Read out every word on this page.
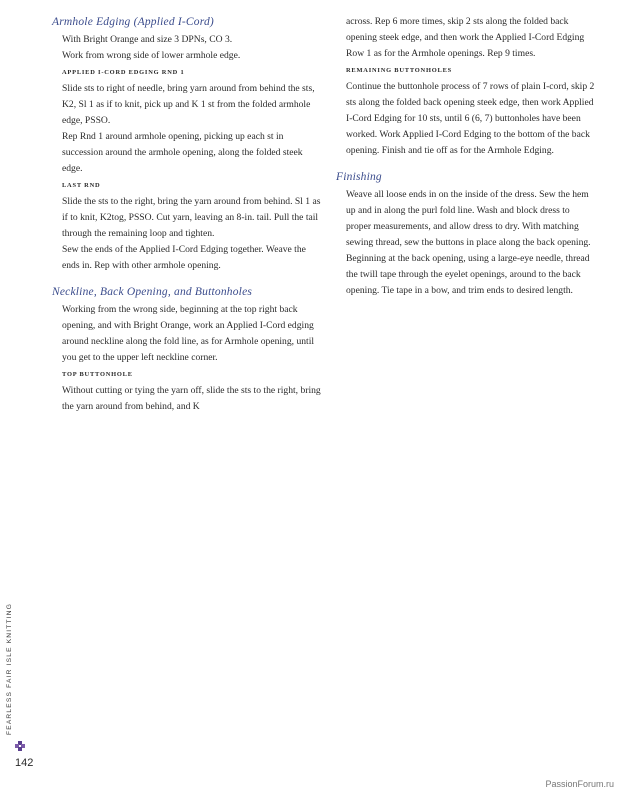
Armhole Edging (Applied I-Cord)

With Bright Orange and size 3 DPNs, CO 3.

Work from wrong side of lower armhole edge.

APPLIED I-CORD EDGING RND 1

Slide sts to right of needle, bring yarn around from behind the sts, K2, Sl 1 as if to knit, pick up and K 1 st from the folded armhole edge, PSSO.

Rep Rnd 1 around armhole opening, picking up each st in succession around the armhole opening, along the folded steek edge.

LAST RND

Slide the sts to the right, bring the yarn around from behind. Sl 1 as if to knit, K2tog, PSSO. Cut yarn, leaving an 8-in. tail. Pull the tail through the remaining loop and tighten.

Sew the ends of the Applied I-Cord Edging together. Weave the ends in. Rep with other armhole opening.

Neckline, Back Opening, and Buttonholes

Working from the wrong side, beginning at the top right back opening, and with Bright Orange, work an Applied I-Cord edging around neckline along the fold line, as for Armhole opening, until you get to the upper left neckline corner.

TOP BUTTONHOLE

Without cutting or tying the yarn off, slide the sts to the right, bring the yarn around from behind, and K

across. Rep 6 more times, skip 2 sts along the folded back opening steek edge, and then work the Applied I-Cord Edging Row 1 as for the Armhole openings. Rep 9 times.

REMAINING BUTTONHOLES

Continue the buttonhole process of 7 rows of plain I-cord, skip 2 sts along the folded back opening steek edge, then work Applied I-Cord Edging for 10 sts, until 6 (6, 7) buttonholes have been worked. Work Applied I-Cord Edging to the bottom of the back opening. Finish and tie off as for the Armhole Edging.

Finishing

Weave all loose ends in on the inside of the dress. Sew the hem up and in along the purl fold line. Wash and block dress to proper measurements, and allow dress to dry. With matching sewing thread, sew the buttons in place along the back opening. Beginning at the back opening, using a large-eye needle, thread the twill tape through the eyelet openings, around to the back opening. Tie tape in a bow, and trim ends to desired length.

FEARLESS FAIR ISLE KNITTING
142
PassionForum.ru
